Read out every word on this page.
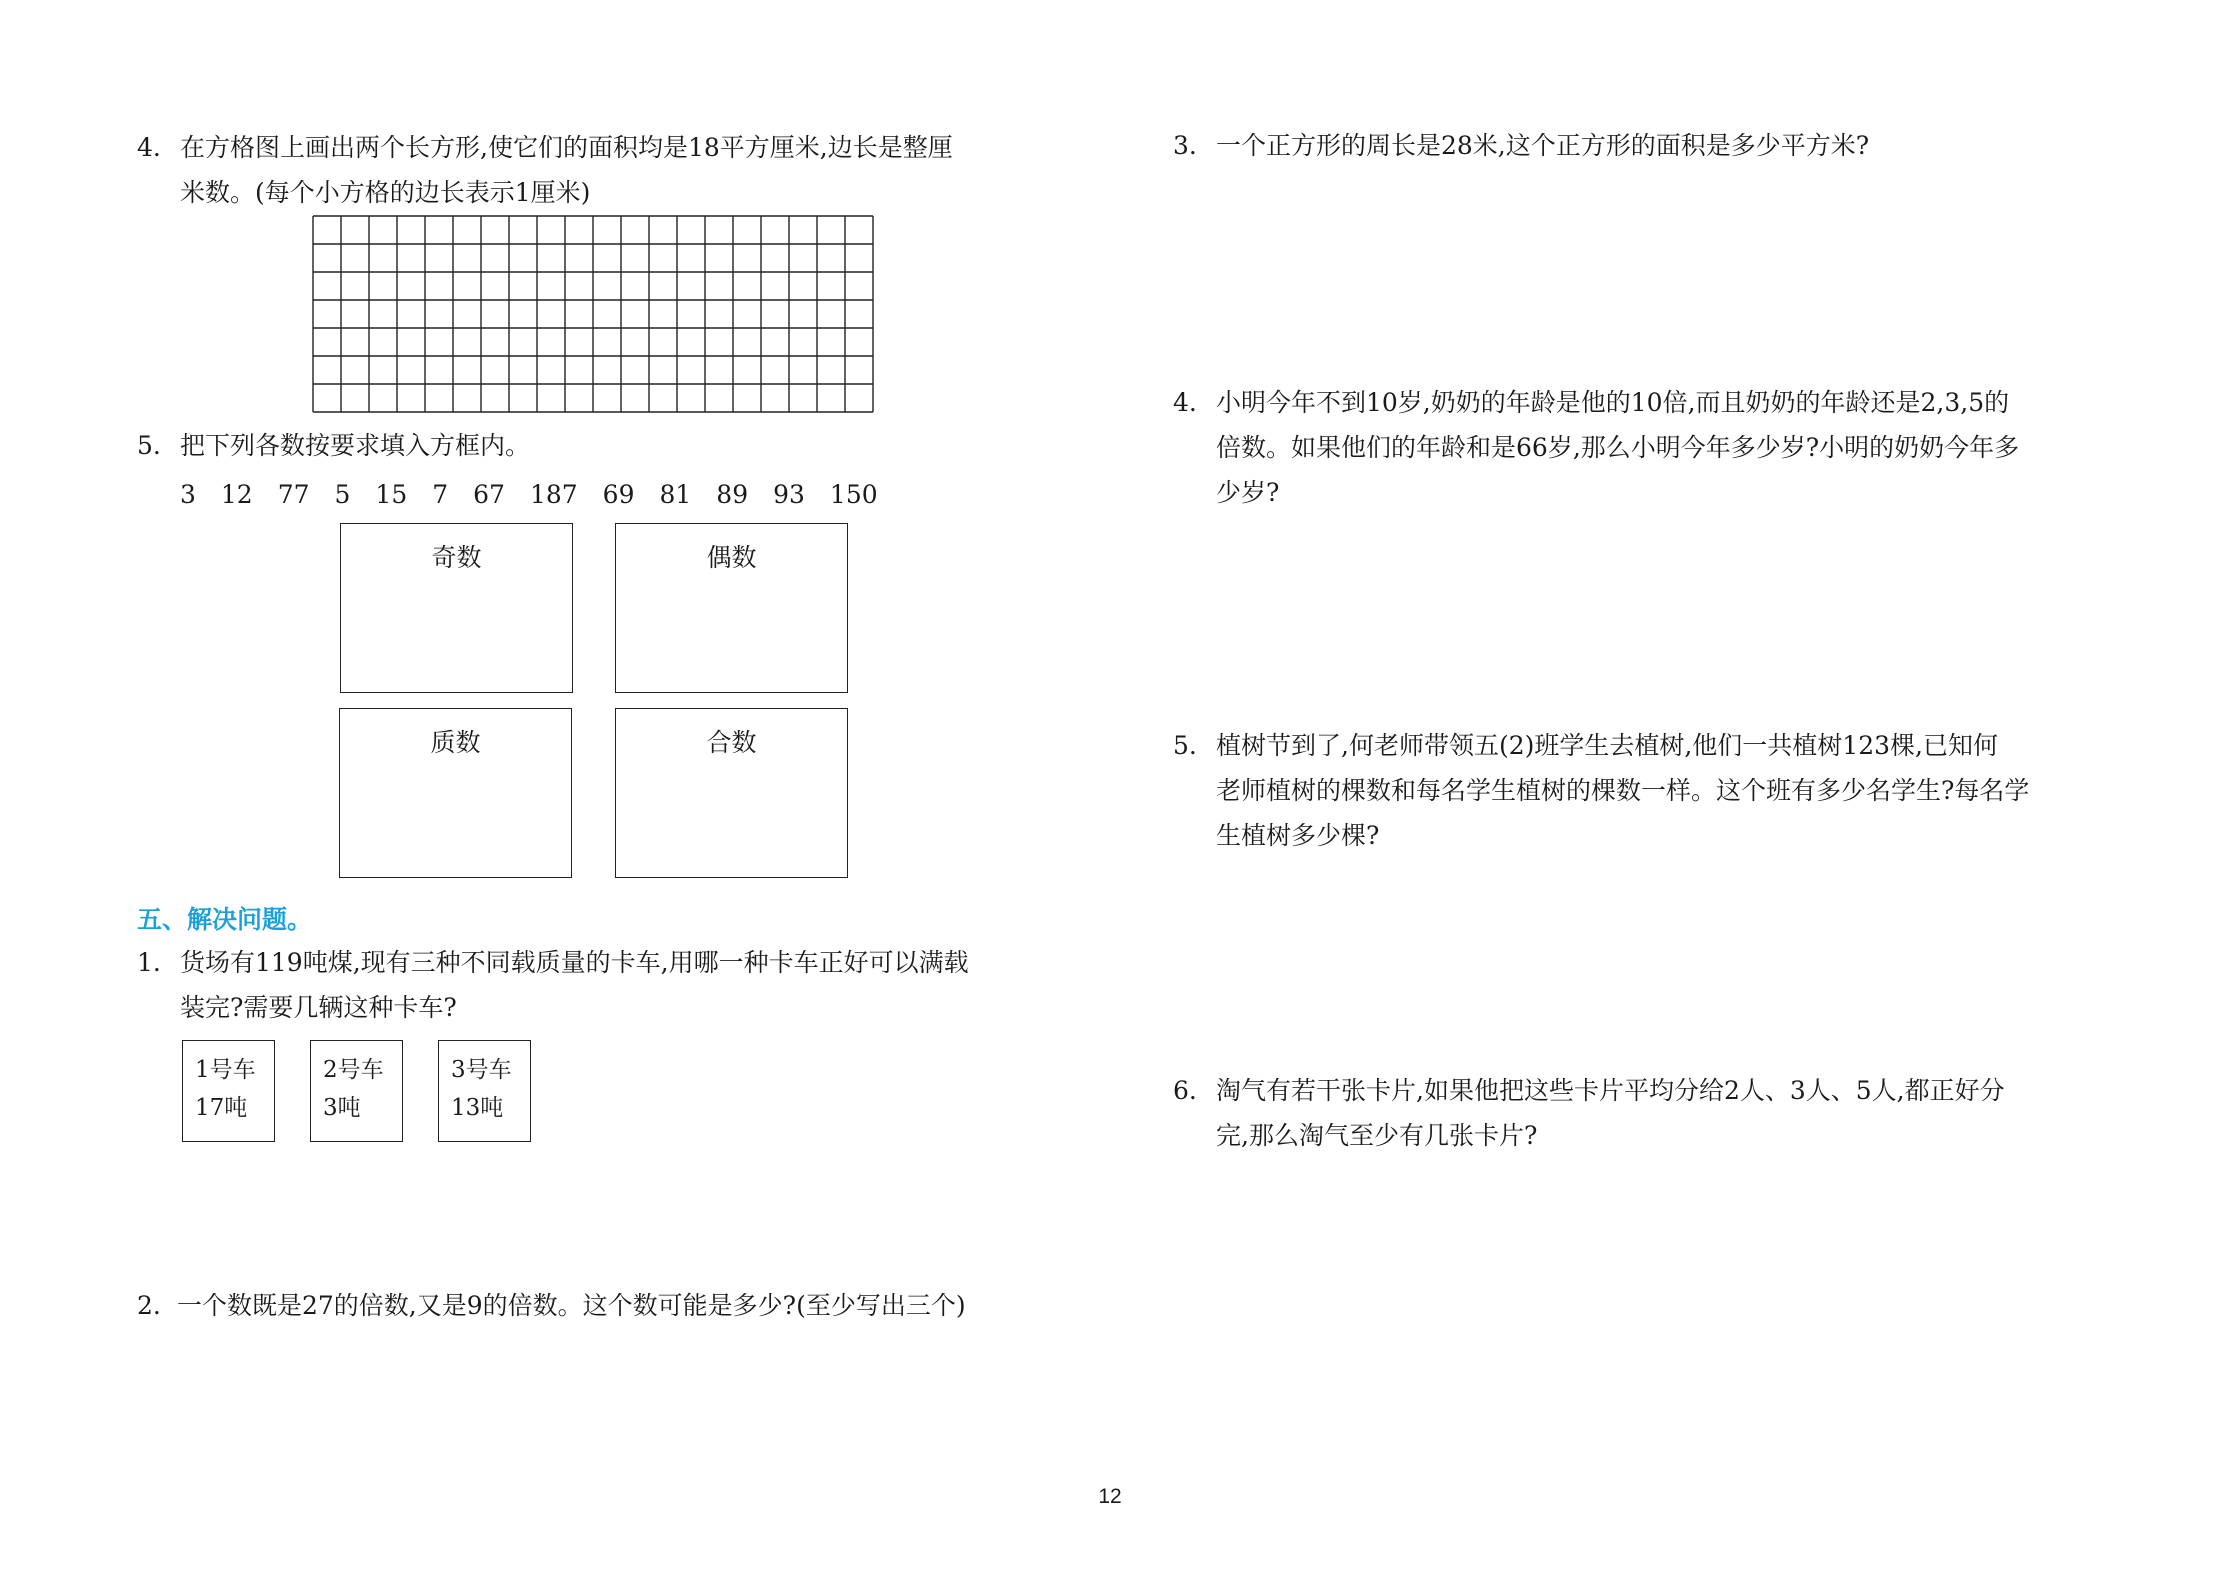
4. 在方格图上画出两个长方形,使它们的面积均是18平方厘米,边长是整厘
米数。(每个小方格的边长表示1厘米)
5. 把下列各数按要求填入方框内。
3　12　77　5　15　7　67　187　69　81　89　93　150
奇数	偶数
质数	合数
五、解决问题。
1. 货场有119吨煤,现有三种不同载质量的卡车,用哪一种卡车正好可以满载
装完?需要几辆这种卡车?
1号车
17吨
2号车
3吨
3号车
13吨
2. 一个数既是27的倍数,又是9的倍数。这个数可能是多少?(至少写出三个)
3. 一个正方形的周长是28米,这个正方形的面积是多少平方米?
4. 小明今年不到10岁,奶奶的年龄是他的10倍,而且奶奶的年龄还是2,3,5的
倍数。如果他们的年龄和是66岁,那么小明今年多少岁?小明的奶奶今年多
少岁?
5. 植树节到了,何老师带领五(2)班学生去植树,他们一共植树123棵,已知何
老师植树的棵数和每名学生植树的棵数一样。这个班有多少名学生?每名学
生植树多少棵?
6. 淘气有若干张卡片,如果他把这些卡片平均分给2人、3人、5人,都正好分
完,那么淘气至少有几张卡片?
12
